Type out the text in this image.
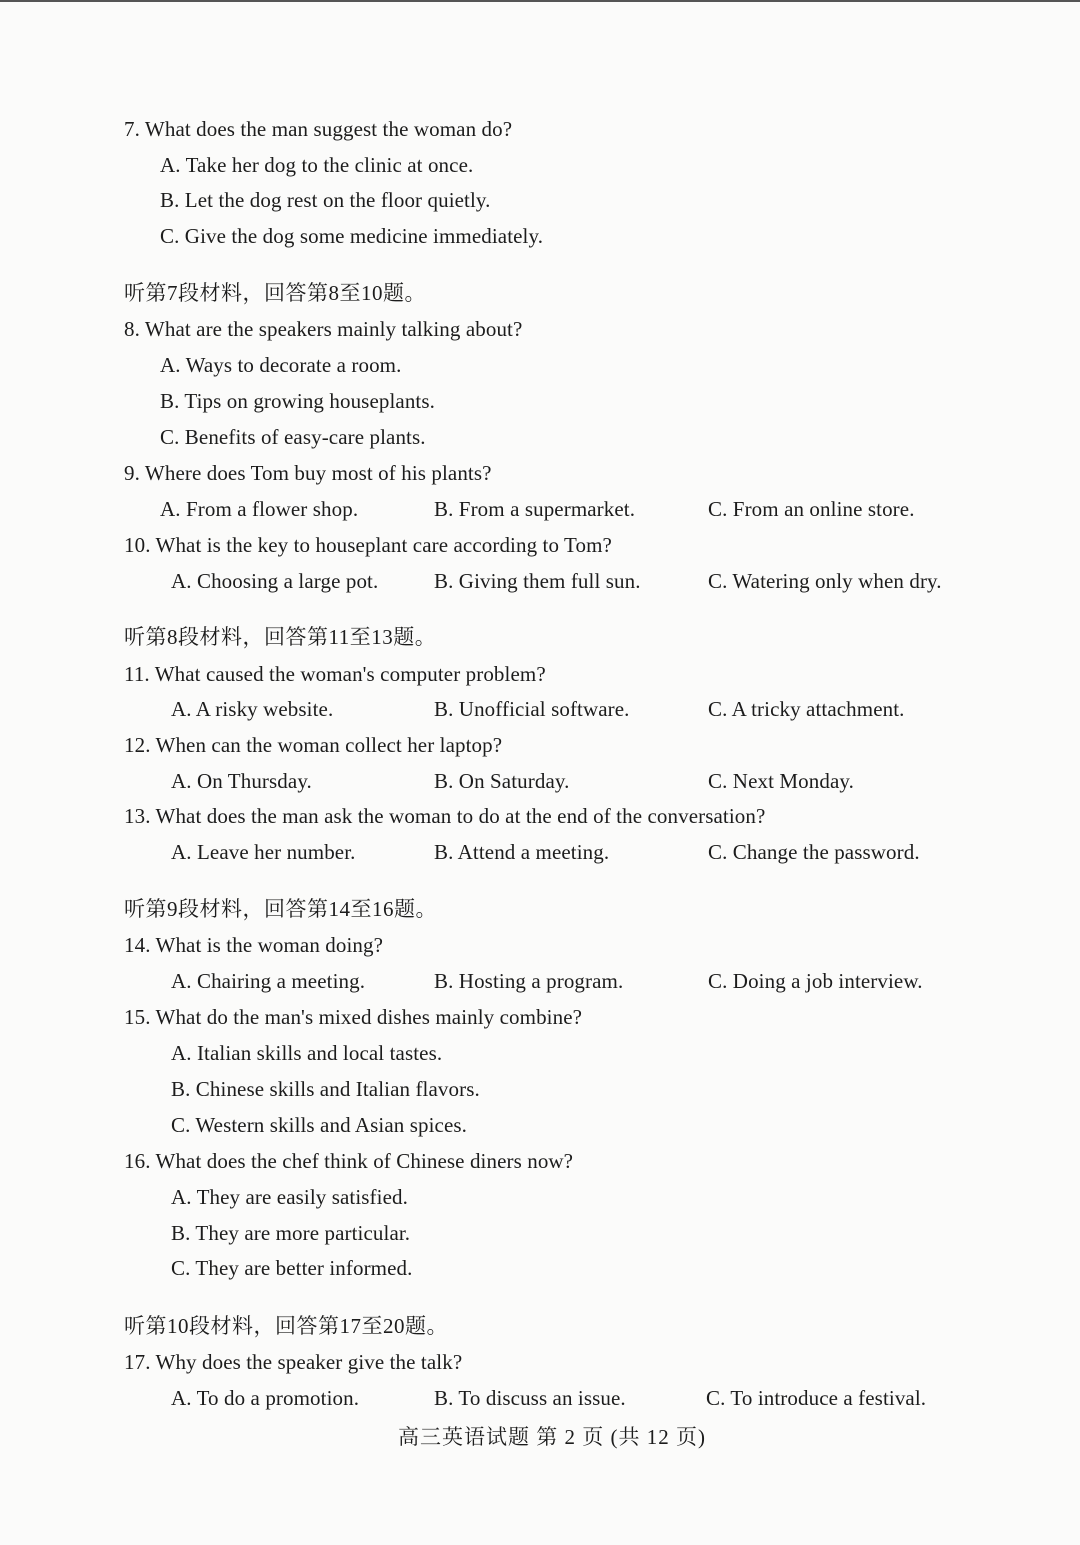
7. What does the man suggest the woman do?
A. Take her dog to the clinic at once.
B. Let the dog rest on the floor quietly.
C. Give the dog some medicine immediately.
听第7段材料，回答第8至10题。
8. What are the speakers mainly talking about?
A. Ways to decorate a room.
B. Tips on growing houseplants.
C. Benefits of easy-care plants.
9. Where does Tom buy most of his plants?
A. From a flower shop.	B. From a supermarket.	C. From an online store.
10. What is the key to houseplant care according to Tom?
A. Choosing a large pot.	B. Giving them full sun.	C. Watering only when dry.
听第8段材料，回答第11至13题。
11. What caused the woman's computer problem?
A. A risky website.	B. Unofficial software.	C. A tricky attachment.
12. When can the woman collect her laptop?
A. On Thursday.	B. On Saturday.	C. Next Monday.
13. What does the man ask the woman to do at the end of the conversation?
A. Leave her number.	B. Attend a meeting.	C. Change the password.
听第9段材料，回答第14至16题。
14. What is the woman doing?
A. Chairing a meeting.	B. Hosting a program.	C. Doing a job interview.
15. What do the man's mixed dishes mainly combine?
A. Italian skills and local tastes.
B. Chinese skills and Italian flavors.
C. Western skills and Asian spices.
16. What does the chef think of Chinese diners now?
A. They are easily satisfied.
B. They are more particular.
C. They are better informed.
听第10段材料，回答第17至20题。
17. Why does the speaker give the talk?
A. To do a promotion.	B. To discuss an issue.	C. To introduce a festival.
高三英语试题 第 2 页 (共 12 页)
